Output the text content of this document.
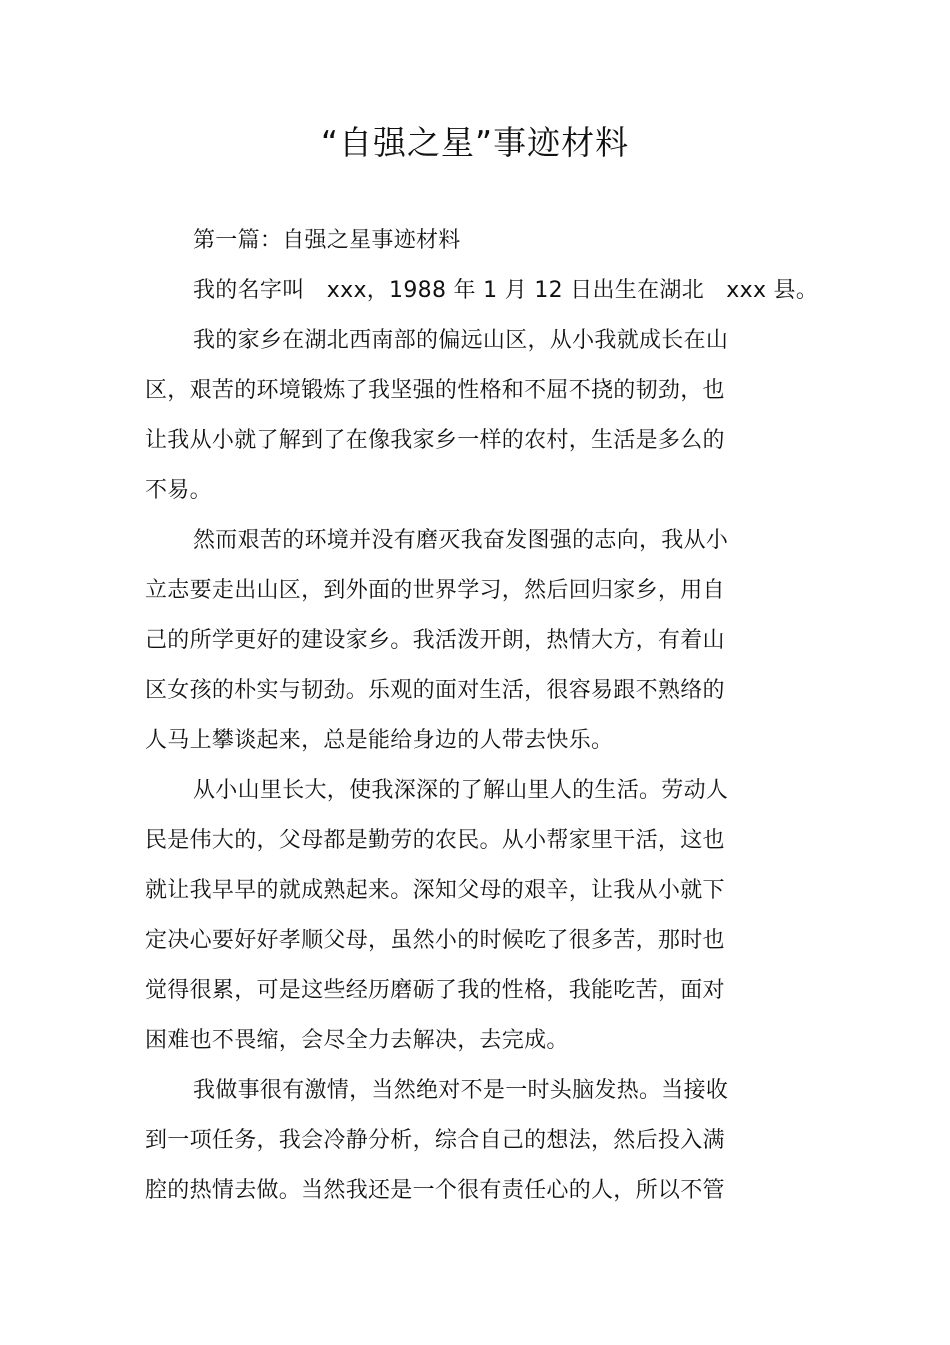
“自强之星”事迹材料
第一篇：自强之星事迹材料
我的名字叫　xxx，1988 年 1 月 12 日出生在湖北　xxx 县。
我的家乡在湖北西南部的偏远山区，从小我就成长在山
区，艰苦的环境锻炼了我坚强的性格和不屈不挠的韧劲，也
让我从小就了解到了在像我家乡一样的农村，生活是多么的
不易。
然而艰苦的环境并没有磨灭我奋发图强的志向，我从小
立志要走出山区，到外面的世界学习，然后回归家乡，用自
己的所学更好的建设家乡。我活泼开朗，热情大方，有着山
区女孩的朴实与韧劲。乐观的面对生活，很容易跟不熟络的
人马上攀谈起来，总是能给身边的人带去快乐。
从小山里长大，使我深深的了解山里人的生活。劳动人
民是伟大的，父母都是勤劳的农民。从小帮家里干活，这也
就让我早早的就成熟起来。深知父母的艰辛，让我从小就下
定决心要好好孝顺父母，虽然小的时候吃了很多苦，那时也
觉得很累，可是这些经历磨砺了我的性格，我能吃苦，面对
困难也不畏缩，会尽全力去解决，去完成。
我做事很有激情，当然绝对不是一时头脑发热。当接收
到一项任务，我会冷静分析，综合自己的想法，然后投入满
腔的热情去做。当然我还是一个很有责任心的人，所以不管
